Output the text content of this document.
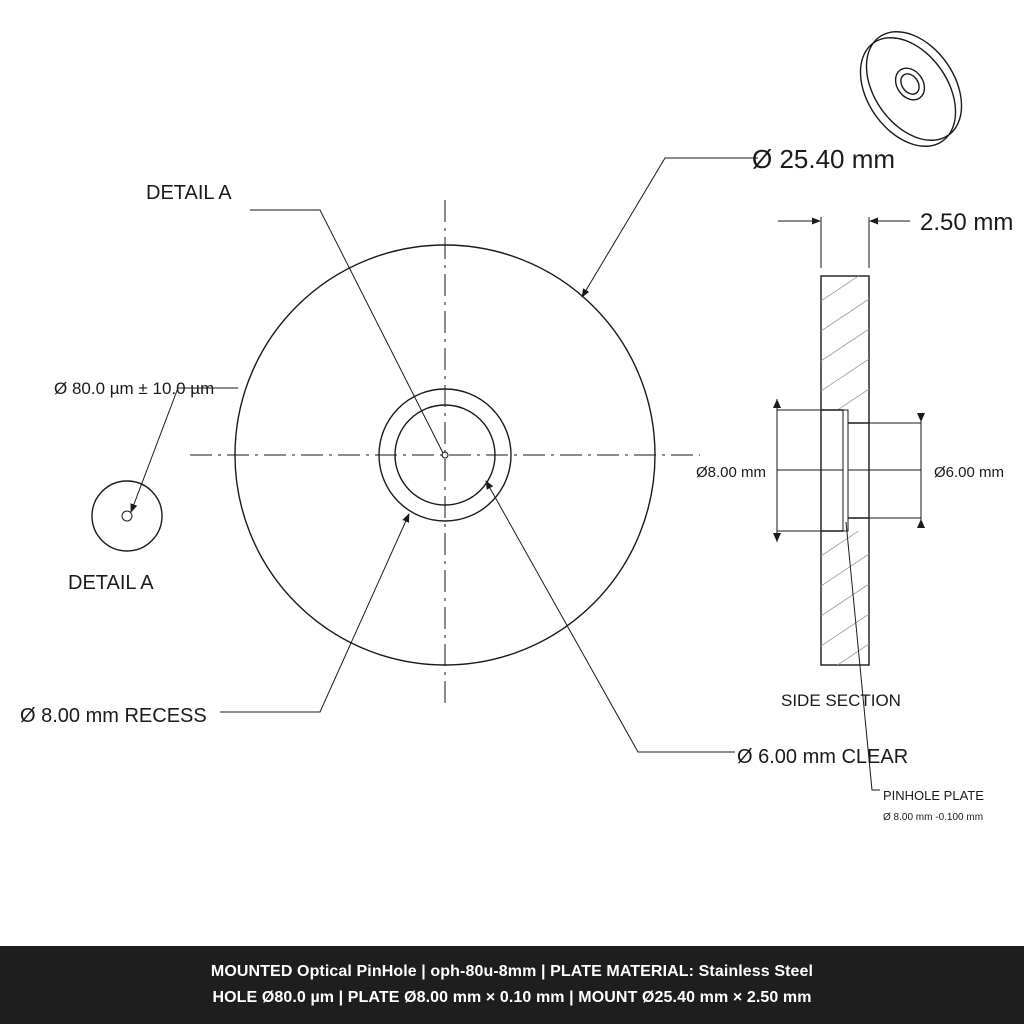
DETAIL A
Ø 25.40 mm
2.50 mm
Ø 80.0 µm ± 10.0 µm
DETAIL A
Ø 8.00 mm RECESS
Ø 6.00 mm CLEAR
Ø8.00 mm	Ø6.00 mm
SIDE SECTION
PINHOLE PLATE
Ø 8.00 mm -0.100 mm
MOUNTED Optical PinHole | oph-80u-8mm | PLATE MATERIAL: Stainless Steel
HOLE Ø80.0 µm | PLATE Ø8.00 mm × 0.10 mm | MOUNT Ø25.40 mm × 2.50 mm
